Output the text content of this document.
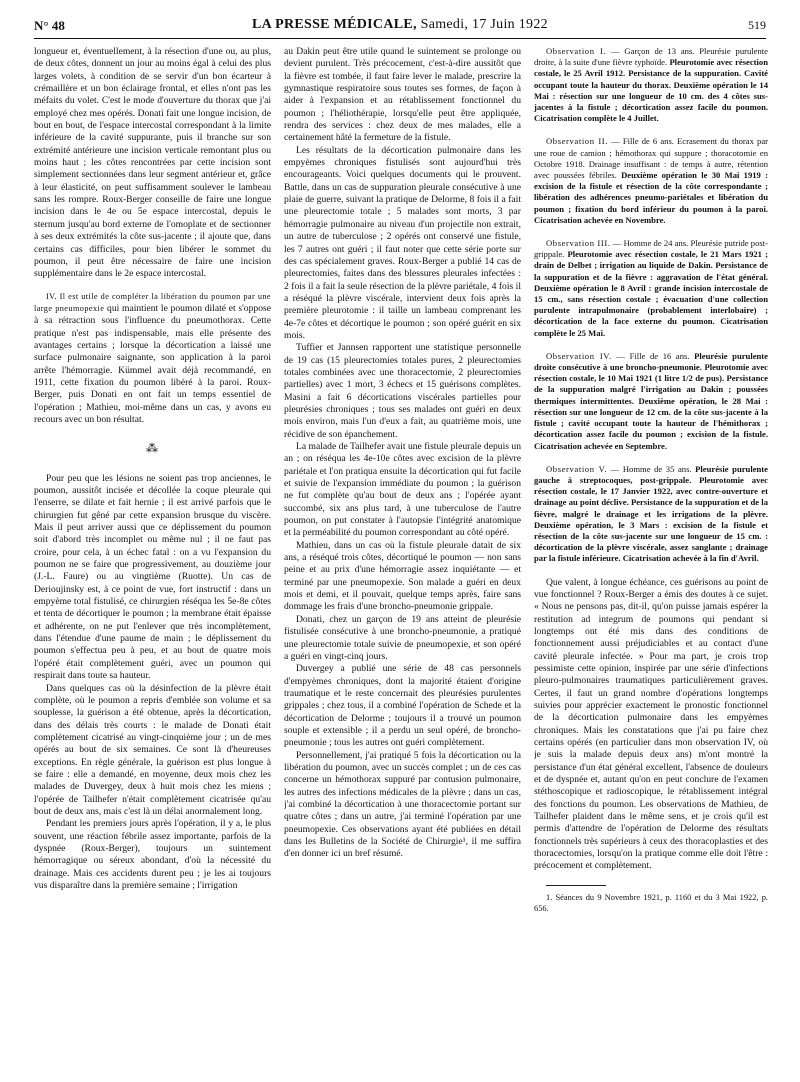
N° 48	LA PRESSE MÉDICALE, Samedi, 17 Juin 1922	519

longueur et, éventuellement, à la résection d'une ou, au plus, de deux côtes, donnent un jour au moins égal à celui des plus larges volets, à condition de se servir d'un bon écarteur à crémaillère et un bon éclairage frontal, et elles n'ont pas les méfaits du volet. C'est le mode d'ouverture du thorax que j'ai employé chez mes opérés. Donati fait une longue incision, de bout en bout, de l'espace intercostal correspondant à la limite inférieure de la cavité suppurante, puis il branche sur son extrémité antérieure une incision verticale remontant plus ou moins haut ; les côtes rencontrées par cette incision sont simplement sectionnées dans leur segment antérieur et, grâce à leur élasticité, on peut suffisamment soulever le lambeau sans les rompre. Roux-Berger conseille de faire une longue incision dans le 4e ou 5e espace intercostal, depuis le sternum jusqu'au bord externe de l'omoplate et de sectionner à ses deux extrémités la côte sus-jacente ; il ajoute que, dans certains cas difficiles, pour bien libérer le sommet du poumon, il peut être nécessaire de faire une incision supplémentaire dans le 2e espace intercostal.

IV. Il est utile de compléter la libération du poumon par une large pneumopexie qui maintient le poumon dilaté et s'oppose à sa rétraction sous l'influence du pneumothorax. Cette pratique n'est pas indispensable, mais elle présente des avantages certains ; lorsque la décortication a laissé une surface pulmonaire saignante, son application à la paroi arrête l'hémorragie. Kümmel avait déjà recommandé, en 1911, cette fixation du poumon libéré à la paroi. Roux-Berger, puis Donati en ont fait un temps essentiel de l'opération ; Mathieu, moi-même dans un cas, y avons eu recours avec un bon résultat.

⁂

Pour peu que les lésions ne soient pas trop anciennes, le poumon, aussitôt incisée et décollée la coque pleurale qui l'enserre, se dilate et fait hernie ; il est arrivé parfois que le chirurgien fut gêné par cette expansion brusque du viscère. Mais il peut arriver aussi que ce déplissement du poumon soit d'abord très incomplet ou même nul ; il ne faut pas croire, pour cela, à un échec fatal : on a vu l'expansion du poumon ne se faire que progressivement, au douzième jour (J.-L. Faure) ou au vingtième (Ruotte). Un cas de Derioujinsky est, à ce point de vue, fort instructif : dans un empyème total fistulisé, ce chirurgien réséqua les 5e-8e côtes et tenta de décortiquer le poumon ; la membrane était épaisse et adhérente, on ne put l'enlever que très incomplètement, dans l'étendue d'une paume de main ; le déplissement du poumon s'effectua peu à peu, et au bout de quatre mois l'opéré était complètement guéri, avec un poumon qui respirait dans toute sa hauteur.

Dans quelques cas où la désinfection de la plèvre était complète, où le poumon a repris d'emblée son volume et sa souplesse, la guérison a été obtenue, après la décortication, dans des délais très courts : le malade de Donati était complètement cicatrisé au vingt-cinquième jour ; un de mes opérés au bout de six semaines. Ce sont là d'heureuses exceptions. En règle générale, la guérison est plus longue à se faire : elle a demandé, en moyenne, deux mois chez les malades de Duvergey, deux à huit mois chez les miens ; l'opérée de Tailhefer n'était complètement cicatrisée qu'au bout de deux ans, mais c'est là un délai anormalement long.

Pendant les premiers jours après l'opération, il y a, le plus souvent, une réaction fébrile assez importante, parfois de la dyspnée (Roux-Berger), toujours un suintement hémorragique ou séreux abondant, d'où la nécessité du drainage. Mais ces accidents durent peu ; je les ai toujours vus disparaître dans la première semaine ; l'irrigation

au Dakin peut être utile quand le suintement se prolonge ou devient purulent. Très précocement, c'est-à-dire aussitôt que la fièvre est tombée, il faut faire lever le malade, prescrire la gymnastique respiratoire sous toutes ses formes, de façon à aider à l'expansion et au rétablissement fonctionnel du poumon ; l'héliothérapie, lorsqu'elle peut être appliquée, rendra des services : chez deux de mes malades, elle a certainement hâté la fermeture de la fistule.

Les résultats de la décortication pulmonaire dans les empyèmes chroniques fistulisés sont aujourd'hui très encourageants. Voici quelques documents qui le prouvent. Battle, dans un cas de suppuration pleurale consécutive à une plaie de guerre, suivant la pratique de Delorme, 8 fois il a fait une pleurectomie totale ; 5 malades sont morts, 3 par hémorragie pulmonaire au niveau d'un projectile non extrait, un autre de tuberculose ; 2 opérés ont conservé une fistule, les 7 autres ont guéri ; il faut noter que cette série porte sur des cas spécialement graves. Roux-Berger a publié 14 cas de pleurectomies, faites dans des blessures pleurales infectées : 2 fois il a fait la seule résection de la plèvre pariétale, 4 fois il a réséqué la plèvre viscérale, intervient deux fois après la première pleurotomie : il taille un lambeau comprenant les 4e-7e côtes et décortique le poumon ; son opéré guérit en six mois.

Tuffier et Jannsen rapportent une statistique personnelle de 19 cas (15 pleurectomies totales pures, 2 pleurectomies totales combinées avec une thoracectomie, 2 pleurectomies partielles) avec 1 mort, 3 échecs et 15 guérisons complètes. Masini a fait 6 décortications viscérales partielles pour pleurésies chroniques ; tous ses malades ont guéri en deux mois environ, mais l'un d'eux a fait, au quatrième mois, une récidive de son épanchement.

La malade de Tailhefer avait une fistule pleurale depuis un an ; on réséqua les 4e-10e côtes avec excision de la plèvre pariétale et l'on pratiqua ensuite la décortication qui fut facile et suivie de l'expansion immédiate du poumon ; la guérison ne fut complète qu'au bout de deux ans ; l'opérée ayant succombé, six ans plus tard, à une tuberculose de l'autre poumon, on put constater à l'autopsie l'intégrité anatomique et la perméabilité du poumon correspondant au côté opéré.

Mathieu, dans un cas où la fistule pleurale datait de six ans, a réséqué trois côtes, décortiqué le poumon — non sans peine et au prix d'une hémorragie assez inquiétante — et terminé par une pneumopexie. Son malade a guéri en deux mois et demi, et il pouvait, quelque temps après, faire sans dommage les frais d'une broncho-pneumonie grippale.

Donati, chez un garçon de 19 ans atteint de pleurésie fistulisée consécutive à une broncho-pneumonie, a pratiqué une pleurectomie totale suivie de pneumopexie, et son opéré a guéri en vingt-cinq jours.

Duvergey a publié une série de 48 cas personnels d'empyèmes chroniques, dont la majorité étaient d'origine traumatique et le reste concernait des pleurésies purulentes grippales ; chez tous, il a combiné l'opération de Schede et la décortication de Delorme ; toujours il a trouvé un poumon souple et extensible ; il a perdu un seul opéré, de broncho-pneumonie ; tous les autres ont guéri complètement.

Personnellement, j'ai pratiqué 5 fois la décortication ou la libération du poumon, avec un succès complet ; un de ces cas concerne un hémothorax suppuré par contusion pulmonaire, les autres des infections médicales de la plèvre ; dans un cas, j'ai combiné la décortication à une thoracectomie portant sur quatre côtes ; dans un autre, j'ai terminé l'opération par une pneumopexie. Ces observations ayant été publiées en détail dans les Bulletins de la Société de Chirurgie¹, il me suffira d'en donner ici un bref résumé.

Observation I. — Garçon de 13 ans. Pleurésie purulente droite, à la suite d'une fièvre typhoïde. Pleurotomie avec résection costale, le 25 Avril 1912. Persistance de la suppuration. Cavité occupant toute la hauteur du thorax. Deuxième opération le 14 Mai : résection sur une longueur de 10 cm. des 4 côtes sus-jacentes à la fistule ; décortication assez facile du poumon. Cicatrisation complète le 4 Juillet.

Observation II. — Fille de 6 ans. Ecrasement du thorax par une roue de camion ; hémothorax qui suppure ; thoracotomie en Octobre 1918. Drainage insuffisant : de temps à autre, rétention avec poussées fébriles. Deuxième opération le 30 Mai 1919 : excision de la fistule et résection de la côte correspondante ; libération des adhérences pneumo-pariétales et libération du poumon ; fixation du bord inférieur du poumon à la paroi. Cicatrisation achevée en Novembre.

Observation III. — Homme de 24 ans. Pleurésie putride post-grippale. Pleurotomie avec résection costale, le 21 Mars 1921 ; drain de Delbet ; irrigation au liquide de Dakin. Persistance de la suppuration et de la fièvre : aggravation de l'état général. Deuxième opération le 8 Avril : grande incision intercostale de 15 cm., sans résection costale ; évacuation d'une collection purulente intrapulmonaire (probablement interlobaire) ; décortication de la face externe du poumon. Cicatrisation complète le 25 Mai.

Observation IV. — Fille de 16 ans. Pleurésie purulente droite consécutive à une broncho-pneumonie. Pleurotomie avec résection costale, le 10 Mai 1921 (1 litre 1/2 de pus). Persistance de la suppuration malgré l'irrigation au Dakin ; poussées thermiques intermittentes. Deuxième opération, le 28 Mai : résection sur une longueur de 12 cm. de la côte sus-jacente à la fistule ; cavité occupant toute la hauteur de l'hémithorax ; décortication assez facile du poumon ; excision de la fistule. Cicatrisation achevée en Septembre.

Observation V. — Homme de 35 ans. Pleurésie purulente gauche à streptocoques, post-grippale. Pleurotomie avec résection costale, le 17 Janvier 1922, avec contre-ouverture et drainage au point déclive. Persistance de la suppuration et de la fièvre, malgré le drainage et les irrigations de la plèvre. Deuxième opération, le 3 Mars : excision de la fistule et résection de la côte sus-jacente sur une longueur de 15 cm. : décortication de la plèvre viscérale, assez sanglante ; drainage par la fistule inférieure. Cicatrisation achevée à la fin d'Avril.

Que valent, à longue échéance, ces guérisons au point de vue fonctionnel ? Roux-Berger a émis des doutes à ce sujet. « Nous ne pensons pas, dit-il, qu'on puisse jamais espérer la restitution ad integrum de poumons qui pendant si longtemps ont été mis dans des conditions de fonctionnement aussi préjudiciables et au contact d'une cavité pleurale infectée. » Pour ma part, je crois trop pessimiste cette opinion, inspirée par une série d'infections pleuro-pulmonaires traumatiques particulièrement graves. Certes, il faut un grand nombre d'opérations longtemps suivies pour apprécier exactement le pronostic fonctionnel de la décortication pulmonaire dans les empyèmes chroniques. Mais les constatations que j'ai pu faire chez certains opérés (en particulier dans mon observation IV, où je suis la malade depuis deux ans) m'ont montré la persistance d'un état général excellent, l'absence de douleurs et de dyspnée et, autant qu'on en peut conclure de l'examen stéthoscopique et radioscopique, le rétablissement intégral des fonctions du poumon. Les observations de Mathieu, de Tailhefer plaident dans le même sens, et je crois qu'il est permis d'attendre de l'opération de Delorme des résultats fonctionnels très supérieurs à ceux des thoracoplasties et des thoracectomies, lorsqu'on la pratique comme elle doit l'être : précocement et complètement.

1. Séances du 9 Novembre 1921, p. 1160 et du 3 Mai 1922, p. 656.
